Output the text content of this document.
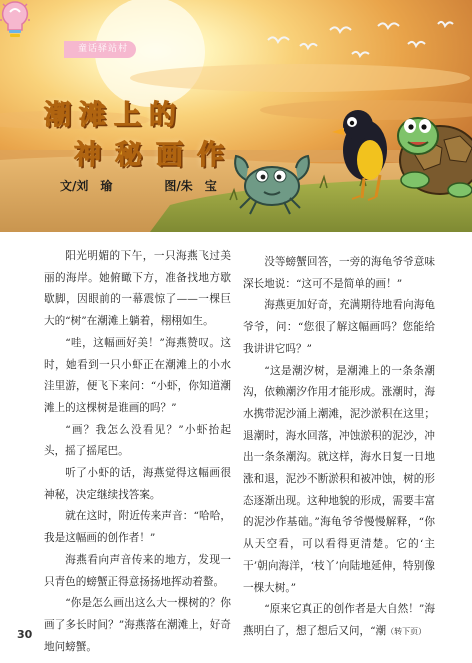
童话驿站村
潮滩上的
神秘画作
文/刘　瑜	图/朱　宝

阳光明媚的下午，一只海燕飞过美丽的海岸。她俯瞰下方，准备找地方歇歇脚，因眼前的一幕震惊了——一棵巨大的“树”在潮滩上躺着，栩栩如生。

“哇，这幅画好美！”海燕赞叹。这时，她看到一只小虾正在潮滩上的小水洼里游，便飞下来问：“小虾，你知道潮滩上的这棵树是谁画的吗？”

“画？我怎么没看见？”小虾抬起头，摇了摇尾巴。

听了小虾的话，海燕觉得这幅画很神秘，决定继续找答案。

就在这时，附近传来声音：“哈哈，我是这幅画的创作者！”

海燕看向声音传来的地方，发现一只青色的螃蟹正得意扬扬地挥动着螯。

“你是怎么画出这么大一棵树的？你画了多长时间？”海燕落在潮滩上，好奇地问螃蟹。

没等螃蟹回答，一旁的海龟爷爷意味深长地说：“这可不是简单的画！”

海燕更加好奇，充满期待地看向海龟爷爷，问：“您很了解这幅画吗？您能给我讲讲它吗？”

“这是潮汐树，是潮滩上的一条条潮沟，依赖潮汐作用才能形成。涨潮时，海水携带泥沙涌上潮滩，泥沙淤积在这里；退潮时，海水回落，冲蚀淤积的泥沙，冲出一条条潮沟。就这样，海水日复一日地涨和退，泥沙不断淤积和被冲蚀，树的形态逐渐出现。这种地貌的形成，需要丰富的泥沙作基础。”海龟爷爷慢慢解释，“你从天空看，可以看得更清楚。它的‘主干’朝向海洋，‘枝丫’向陆地延伸，特别像一棵大树。”

“原来它真正的创作者是大自然！”海燕明白了，想了想后又问，“潮（转下页）

30
